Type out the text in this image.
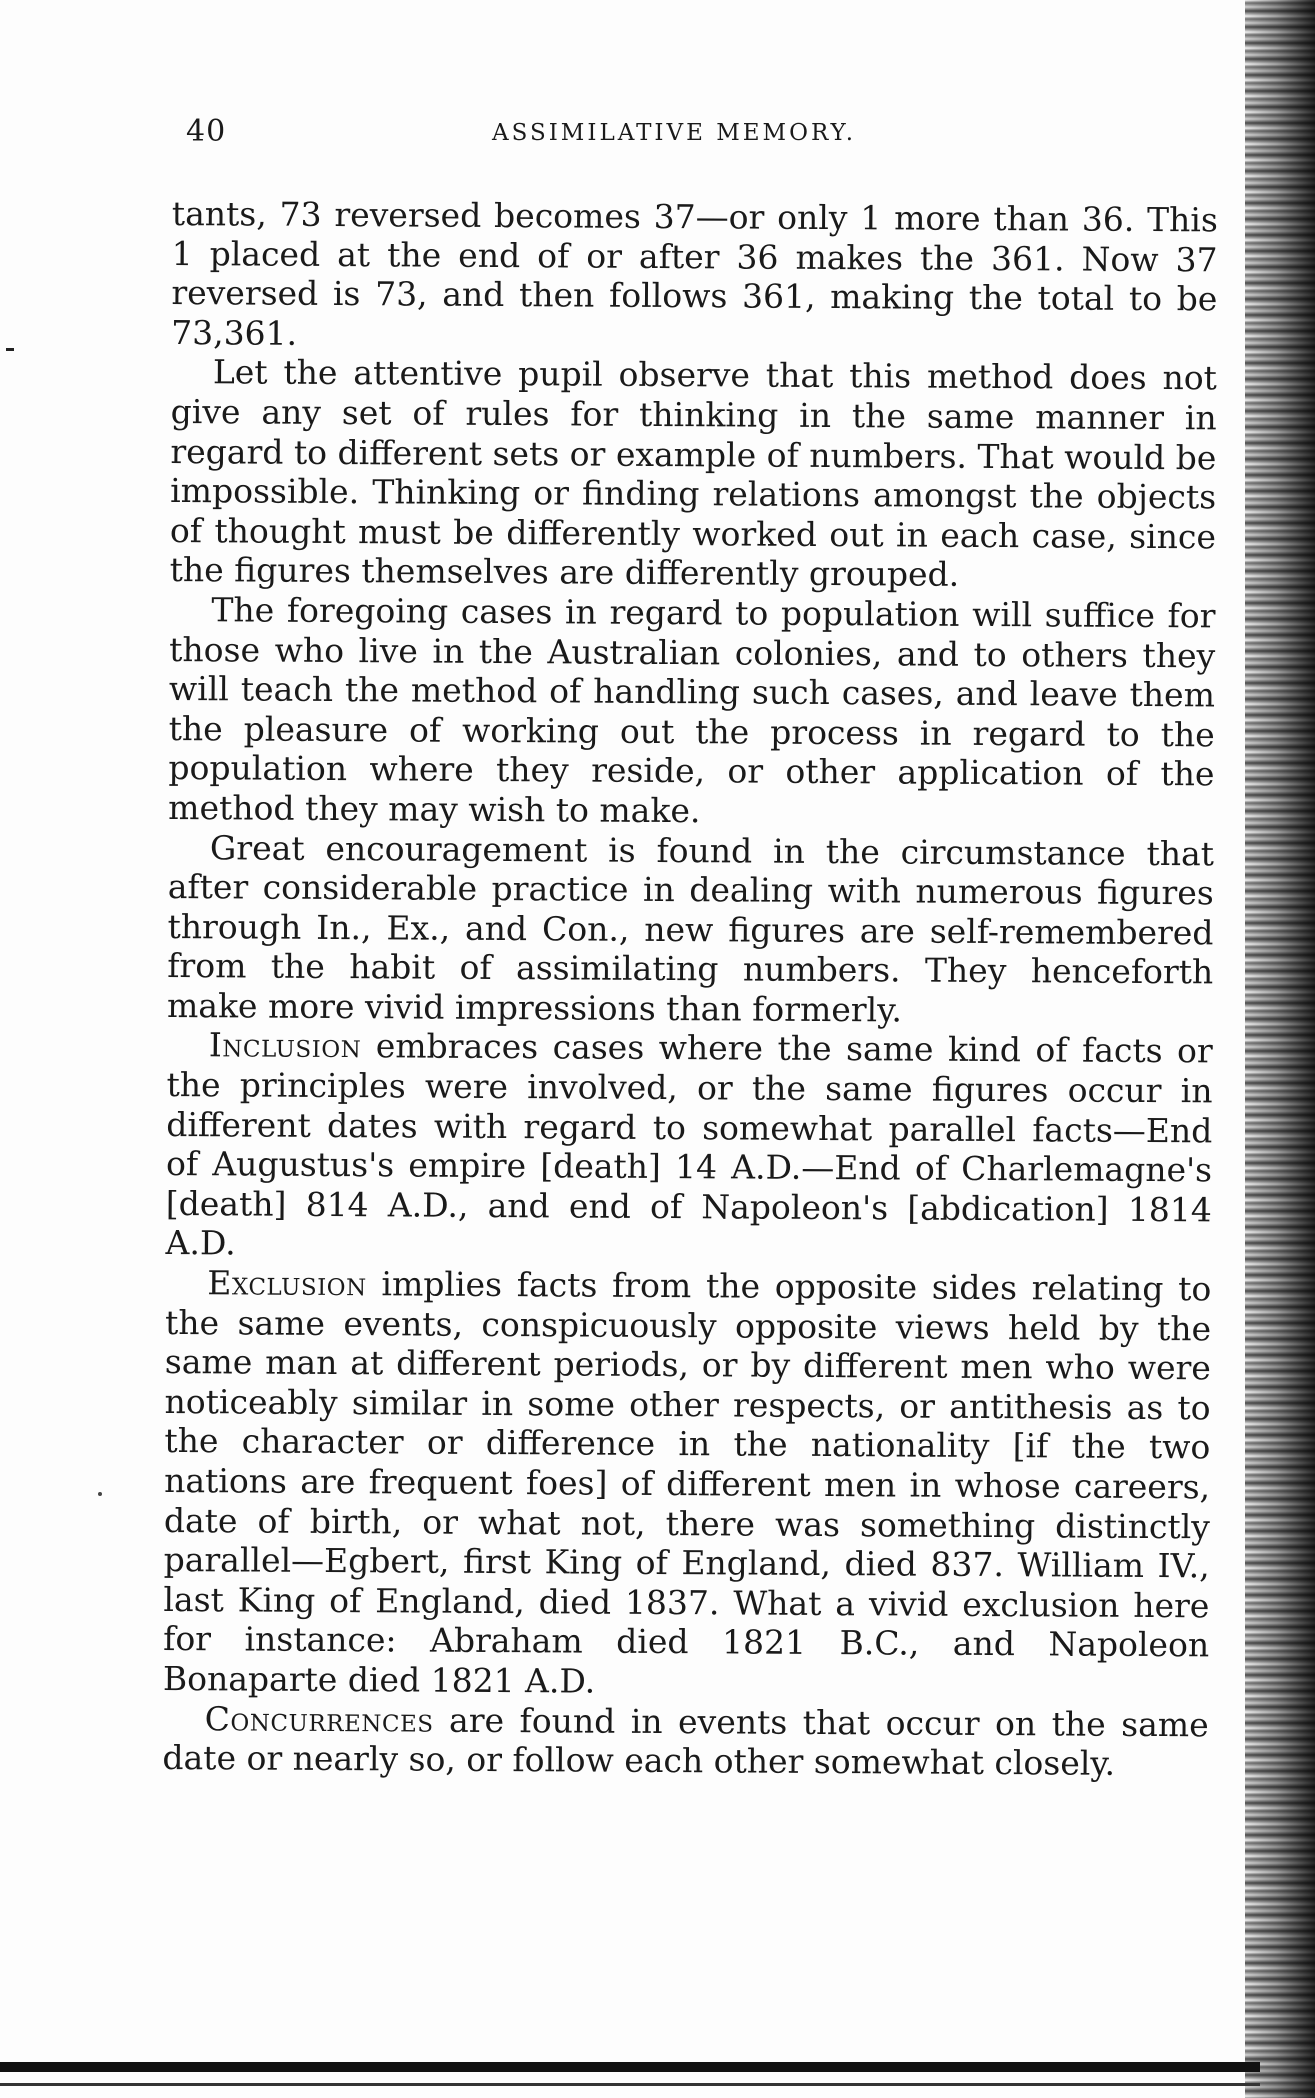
40	ASSIMILATIVE MEMORY.

tants, 73 reversed becomes 37—or only 1 more than 36. This 1 placed at the end of or after 36 makes the 361. Now 37 reversed is 73, and then follows 361, making the total to be 73,361.

Let the attentive pupil observe that this method does not give any set of rules for thinking in the same manner in regard to different sets or example of numbers. That would be impossible. Thinking or finding relations amongst the objects of thought must be differently worked out in each case, since the figures themselves are differently grouped.

The foregoing cases in regard to population will suffice for those who live in the Australian colonies, and to others they will teach the method of handling such cases, and leave them the pleasure of working out the process in regard to the population where they reside, or other application of the method they may wish to make.

Great encouragement is found in the circumstance that after considerable practice in dealing with numerous figures through In., Ex., and Con., new figures are self-remembered from the habit of assimilating numbers. They henceforth make more vivid impressions than formerly.

Inclusion embraces cases where the same kind of facts or the principles were involved, or the same figures occur in different dates with regard to somewhat parallel facts—End of Augustus's empire [death] 14 A.D.—End of Charlemagne's [death] 814 A.D., and end of Napoleon's [abdication] 1814 A.D.

Exclusion implies facts from the opposite sides relating to the same events, conspicuously opposite views held by the same man at different periods, or by different men who were noticeably similar in some other respects, or antithesis as to the character or difference in the nationality [if the two nations are frequent foes] of different men in whose careers, date of birth, or what not, there was something distinctly parallel—Egbert, first King of England, died 837. William IV., last King of England, died 1837. What a vivid exclusion here for instance: Abraham died 1821 B.C., and Napoleon Bonaparte died 1821 A.D.

Concurrences are found in events that occur on the same date or nearly so, or follow each other somewhat closely.
